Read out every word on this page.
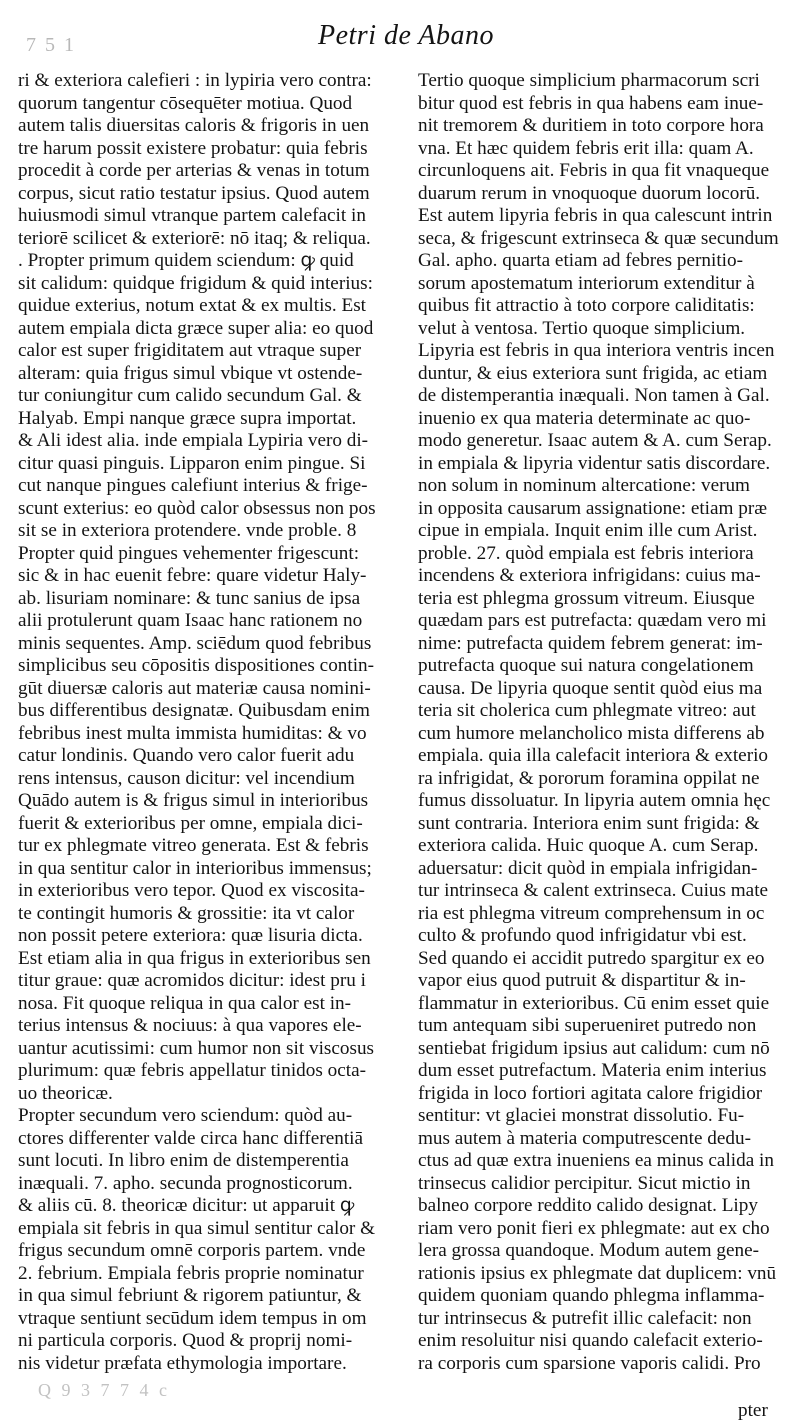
7 5 1	Petri de Abano
ri & exteriora calefieri : in lypiria vero contra:
quorum tangentur cōsequēter motiua. Quod
autem talis diuersitas caloris & frigoris in uen
tre harum possit existere probatur: quia febris
procedit à corde per arterias & venas in totum
corpus, sicut ratio testatur ipsius. Quod autem
huiusmodi simul vtranque partem calefacit in
teriorē scilicet & exteriorē: nō itaq; & reliqua.
. Propter primum quidem sciendum: ꝙ quid
sit calidum: quidque frigidum & quid interius:
quidue exterius, notum extat & ex multis. Est
autem empiala dicta græce super alia: eo quod
calor est super frigiditatem aut vtraque super
alteram: quia frigus simul vbique vt ostende-
tur coniungitur cum calido secundum Gal. &
Halyab. Empi nanque græce supra importat.
& Ali idest alia. inde empiala Lypiria vero di-
citur quasi pinguis. Lipparon enim pingue. Si
cut nanque pingues calefiunt interius & frige-
scunt exterius: eo quòd calor obsessus non pos
sit se in exteriora protendere. vnde proble. 8
Propter quid pingues vehementer frigescunt:
sic & in hac euenit febre: quare videtur Haly-
ab. lisuriam nominare: & tunc sanius de ipsa
alii protulerunt quam Isaac hanc rationem no
minis sequentes. Amp. sciēdum quod febribus
simplicibus seu cōpositis dispositiones contin-
gūt diuersæ caloris aut materiæ causa nomini-
bus differentibus designatæ. Quibusdam enim
febribus inest multa immista humiditas: & vo
catur londinis. Quando vero calor fuerit adu
rens intensus, causon dicitur: vel incendium
Quādo autem is & frigus simul in interioribus
fuerit & exterioribus per omne, empiala dici-
tur ex phlegmate vitreo generata. Est & febris
in qua sentitur calor in interioribus immensus;
in exterioribus vero tepor. Quod ex viscosita-
te contingit humoris & grossitie: ita vt calor
non possit petere exteriora: quæ lisuria dicta.
Est etiam alia in qua frigus in exterioribus sen
titur graue: quæ acromidos dicitur: idest pru i
nosa. Fit quoque reliqua in qua calor est in-
terius intensus & nociuus: à qua vapores ele-
uantur acutissimi: cum humor non sit viscosus
plurimum: quæ febris appellatur tinidos octa-
uo theoricæ.
Propter secundum vero sciendum: quòd au-
ctores differenter valde circa hanc differentiā
sunt locuti. In libro enim de distemperentia
inæquali. 7. apho. secunda prognosticorum.
& aliis cū. 8. theoricæ dicitur: ut apparuit ꝙ
empiala sit febris in qua simul sentitur calor &
frigus secundum omnē corporis partem. vnde
2. febrium. Empiala febris proprie nominatur
in qua simul febriunt & rigorem patiuntur, &
vtraque sentiunt secūdum idem tempus in om
ni particula corporis. Quod & proprij nomi-
nis videtur præfata ethymologia importare.
Tertio quoque simplicium pharmacorum scri
bitur quod est febris in qua habens eam inue-
nit tremorem & duritiem in toto corpore hora
vna. Et hæc quidem febris erit illa: quam A.
circunloquens ait. Febris in qua fit vnaqueque
duarum rerum in vnoquoque duorum locorū.
Est autem lipyria febris in qua calescunt intrin
seca, & frigescunt extrinseca & quæ secundum
Gal. apho. quarta etiam ad febres pernitio-
sorum apostematum interiorum extenditur à
quibus fit attractio à toto corpore caliditatis:
velut à ventosa. Tertio quoque simplicium.
Lipyria est febris in qua interiora ventris incen
duntur, & eius exteriora sunt frigida, ac etiam
de distemperantia inæquali. Non tamen à Gal.
inuenio ex qua materia determinate ac quo-
modo generetur. Isaac autem & A. cum Serap.
in empiala & lipyria videntur satis discordare.
non solum in nominum altercatione: verum
in opposita causarum assignatione: etiam præ
cipue in empiala. Inquit enim ille cum Arist.
proble. 27. quòd empiala est febris interiora
incendens & exteriora infrigidans: cuius ma-
teria est phlegma grossum vitreum. Eiusque
quædam pars est putrefacta: quædam vero mi
nime: putrefacta quidem febrem generat: im-
putrefacta quoque sui natura congelationem
causa. De lipyria quoque sentit quòd eius ma
teria sit cholerica cum phlegmate vitreo: aut
cum humore melancholico mista differens ab
empiala. quia illa calefacit interiora & exterio
ra infrigidat, & pororum foramina oppilat ne
fumus dissoluatur. In lipyria autem omnia hęc
sunt contraria. Interiora enim sunt frigida: &
exteriora calida. Huic quoque A. cum Serap.
aduersatur: dicit quòd in empiala infrigidan-
tur intrinseca & calent extrinseca. Cuius mate
ria est phlegma vitreum comprehensum in oc
culto & profundo quod infrigidatur vbi est.
Sed quando ei accidit putredo spargitur ex eo
vapor eius quod putruit & dispartitur & in-
flammatur in exterioribus. Cū enim esset quie
tum antequam sibi superueniret putredo non
sentiebat frigidum ipsius aut calidum: cum nō
dum esset putrefactum. Materia enim interius
frigida in loco fortiori agitata calore frigidior
sentitur: vt glaciei monstrat dissolutio. Fu-
mus autem à materia computrescente dedu-
ctus ad quæ extra inueniens ea minus calida in
trinsecus calidior percipitur. Sicut mictio in
balneo corpore reddito calido designat. Lipy
riam vero ponit fieri ex phlegmate: aut ex cho
lera grossa quandoque. Modum autem gene-
rationis ipsius ex phlegmate dat duplicem: vnū
quidem quoniam quando phlegma inflamma-
tur intrinsecus & putrefit illic calefacit: non
enim resoluitur nisi quando calefacit exterio-
ra corporis cum sparsione vaporis calidi. Pro
Q 9 3 7 7 4 c
pter
